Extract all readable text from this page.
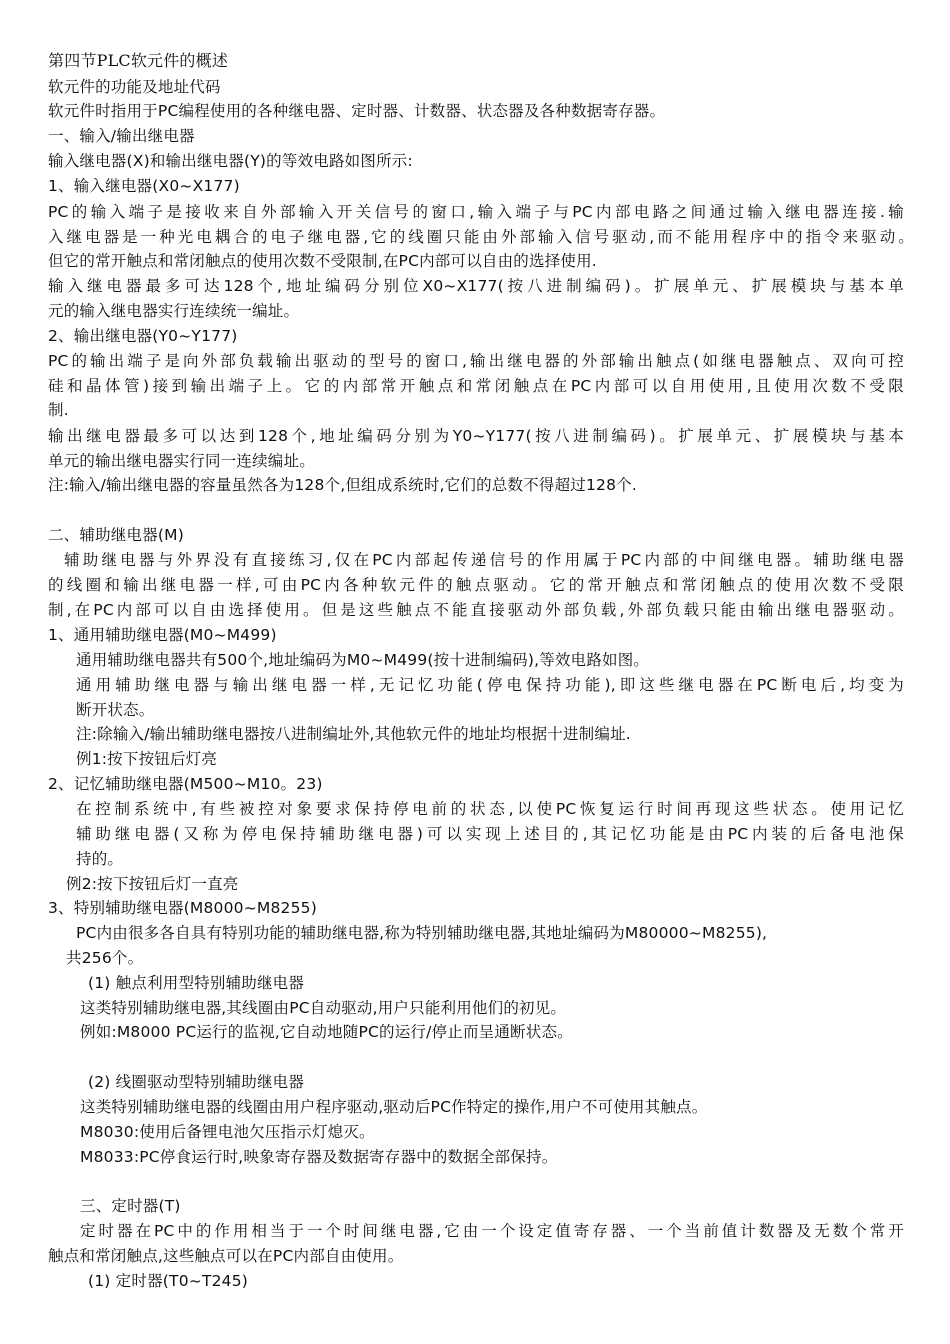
第四节PLC软元件的概述
软元件的功能及地址代码
软元件时指用于PC编程使用的各种继电器、定时器、计数器、状态器及各种数据寄存器。
一、输入/输出继电器
输入继电器(X)和输出继电器(Y)的等效电路如图所示:
1、输入继电器(X0~X177)
PC的输入端子是接收来自外部输入开关信号的窗口,输入端子与PC内部电路之间通过输入继电器连接.输
入继电器是一种光电耦合的电子继电器,它的线圈只能由外部输入信号驱动,而不能用程序中的指令来驱动。
但它的常开触点和常闭触点的使用次数不受限制,在PC内部可以自由的选择使用.
输入继电器最多可达128个,地址编码分别位X0~X177(按八进制编码)。扩展单元、扩展模块与基本单
元的输入继电器实行连续统一编址。
2、输出继电器(Y0~Y177)
PC的输出端子是向外部负载输出驱动的型号的窗口,输出继电器的外部输出触点(如继电器触点、双向可控
硅和晶体管)接到输出端子上。它的内部常开触点和常闭触点在PC内部可以自用使用,且使用次数不受限
制.
输出继电器最多可以达到128个,地址编码分别为Y0~Y177(按八进制编码)。扩展单元、扩展模块与基本
单元的输出继电器实行同一连续编址。
注:输入/输出继电器的容量虽然各为128个,但组成系统时,它们的总数不得超过128个.
二、辅助继电器(M)
辅助继电器与外界没有直接练习,仅在PC内部起传递信号的作用属于PC内部的中间继电器。辅助继电器
的线圈和输出继电器一样,可由PC内各种软元件的触点驱动。它的常开触点和常闭触点的使用次数不受限
制,在PC内部可以自由选择使用。但是这些触点不能直接驱动外部负载,外部负载只能由输出继电器驱动。
1、通用辅助继电器(M0~M499)
通用辅助继电器共有500个,地址编码为M0~M499(按十进制编码),等效电路如图。
通用辅助继电器与输出继电器一样,无记忆功能(停电保持功能),即这些继电器在PC断电后,均变为
断开状态。
注:除输入/输出辅助继电器按八进制编址外,其他软元件的地址均根据十进制编址.
例1:按下按钮后灯亮
2、记忆辅助继电器(M500~M10。23)
在控制系统中,有些被控对象要求保持停电前的状态,以使PC恢复运行时间再现这些状态。使用记忆
辅助继电器(又称为停电保持辅助继电器)可以实现上述目的,其记忆功能是由PC内装的后备电池保
持的。
例2:按下按钮后灯一直亮
3、特别辅助继电器(M8000~M8255)
PC内由很多各自具有特别功能的辅助继电器,称为特别辅助继电器,其地址编码为M80000~M8255),
共256个。
(1) 触点利用型特别辅助继电器
这类特别辅助继电器,其线圈由PC自动驱动,用户只能利用他们的初见。
例如:M8000 PC运行的监视,它自动地随PC的运行/停止而呈通断状态。
(2) 线圈驱动型特别辅助继电器
这类特别辅助继电器的线圈由用户程序驱动,驱动后PC作特定的操作,用户不可使用其触点。
M8030:使用后备锂电池欠压指示灯熄灭。
M8033:PC停食运行时,映象寄存器及数据寄存器中的数据全部保持。
三、定时器(T)
定时器在PC中的作用相当于一个时间继电器,它由一个设定值寄存器、一个当前值计数器及无数个常开
触点和常闭触点,这些触点可以在PC内部自由使用。
(1) 定时器(T0~T245)
